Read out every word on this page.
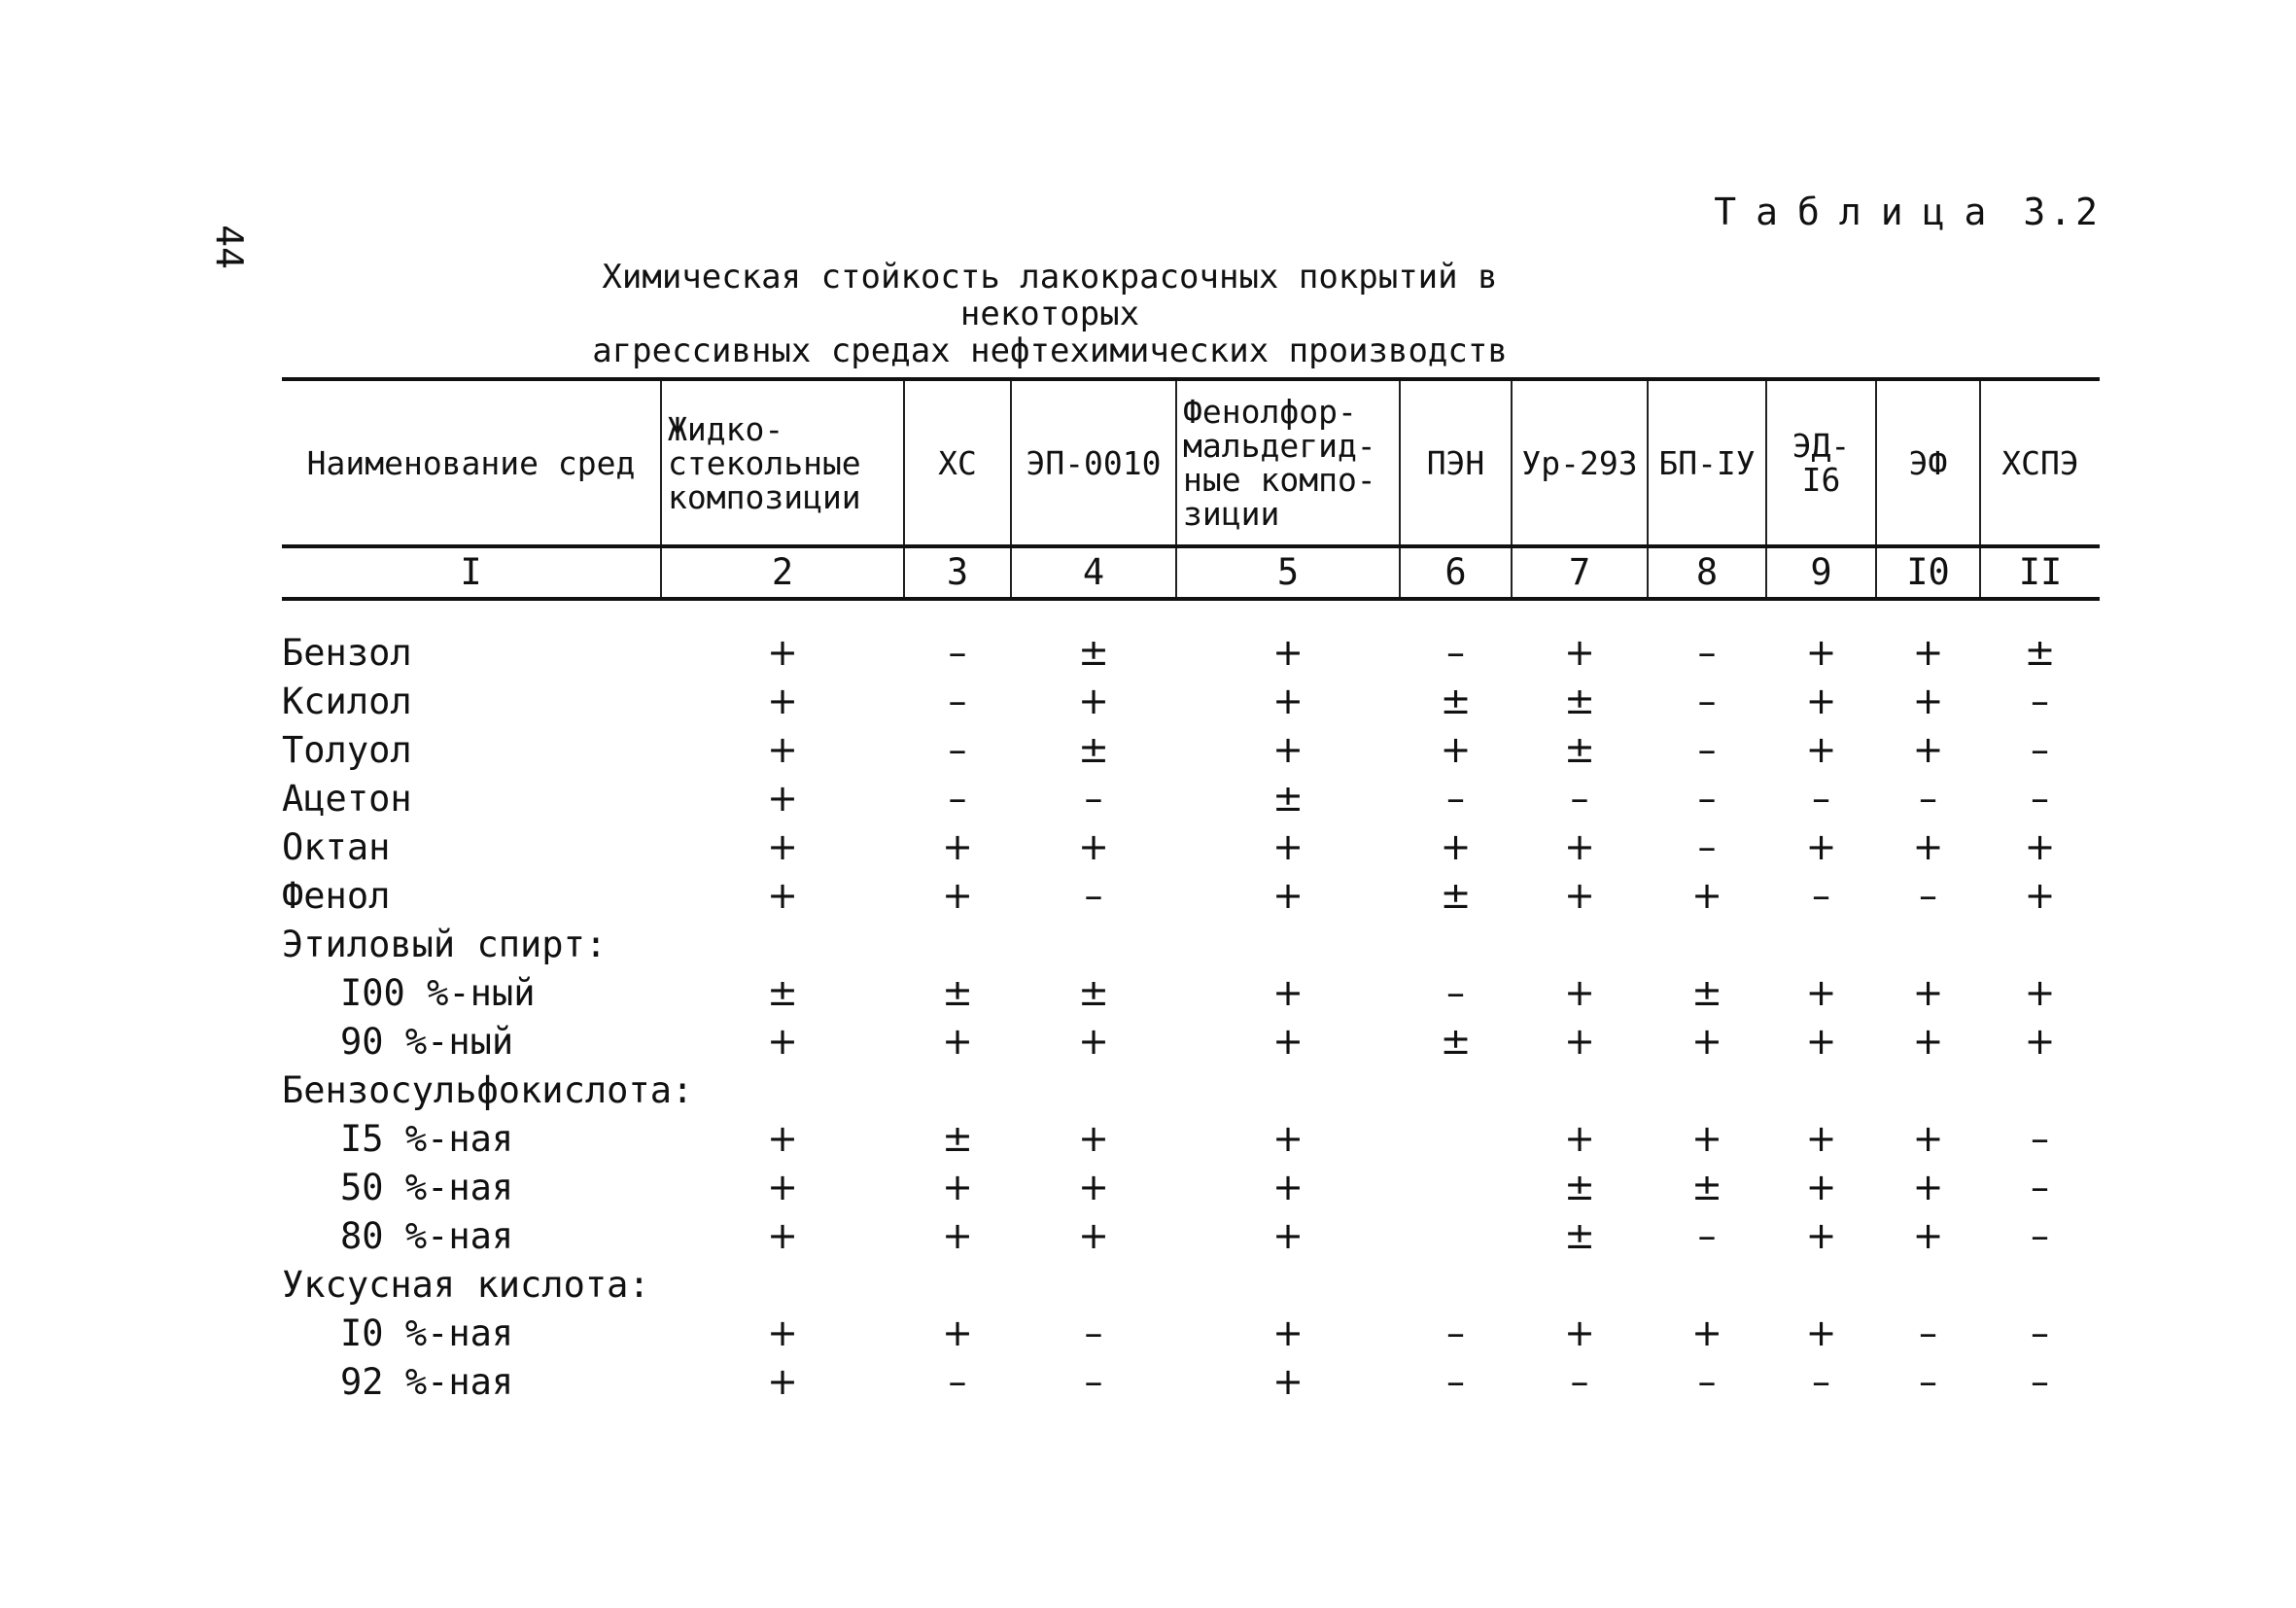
44
Таблица 3.2
Химическая стойкость лакокрасочных покрытий в некоторых
агрессивных средах нефтехимических производств
Наименование сред	Жидко-стекольные композиции	ХС	ЭП-0010	Фенолфор-мальдегид-ные компо-зиции	ПЭН	Ур-293	БП-IУ	ЭД-I6	ЭФ	ХСПЭ
I	2	3	4	5	6	7	8	9	I0	II

Бензол	+	–	±	+	–	+	–	+	+	±
Ксилол	+	–	+	+	±	±	–	+	+	–
Толуол	+	–	±	+	+	±	–	+	+	–
Ацетон	+	–	–	±	–	–	–	–	–	–
Октан	+	+	+	+	+	+	–	+	+	+
Фенол	+	+	–	+	±	+	+	–	–	+
Этиловый спирт:										
I00 %-ный	±	±	±	+	–	+	±	+	+	+
90 %-ный	+	+	+	+	±	+	+	+	+	+
Бензосульфокислота:										
I5 %-ная	+	±	+	+		+	+	+	+	–
50 %-ная	+	+	+	+		±	±	+	+	–
80 %-ная	+	+	+	+		±	–	+	+	–
Уксусная кислота:										
I0 %-ная	+	+	–	+	–	+	+	+	–	–
92 %-ная	+	–	–	+	–	–	–	–	–	–
